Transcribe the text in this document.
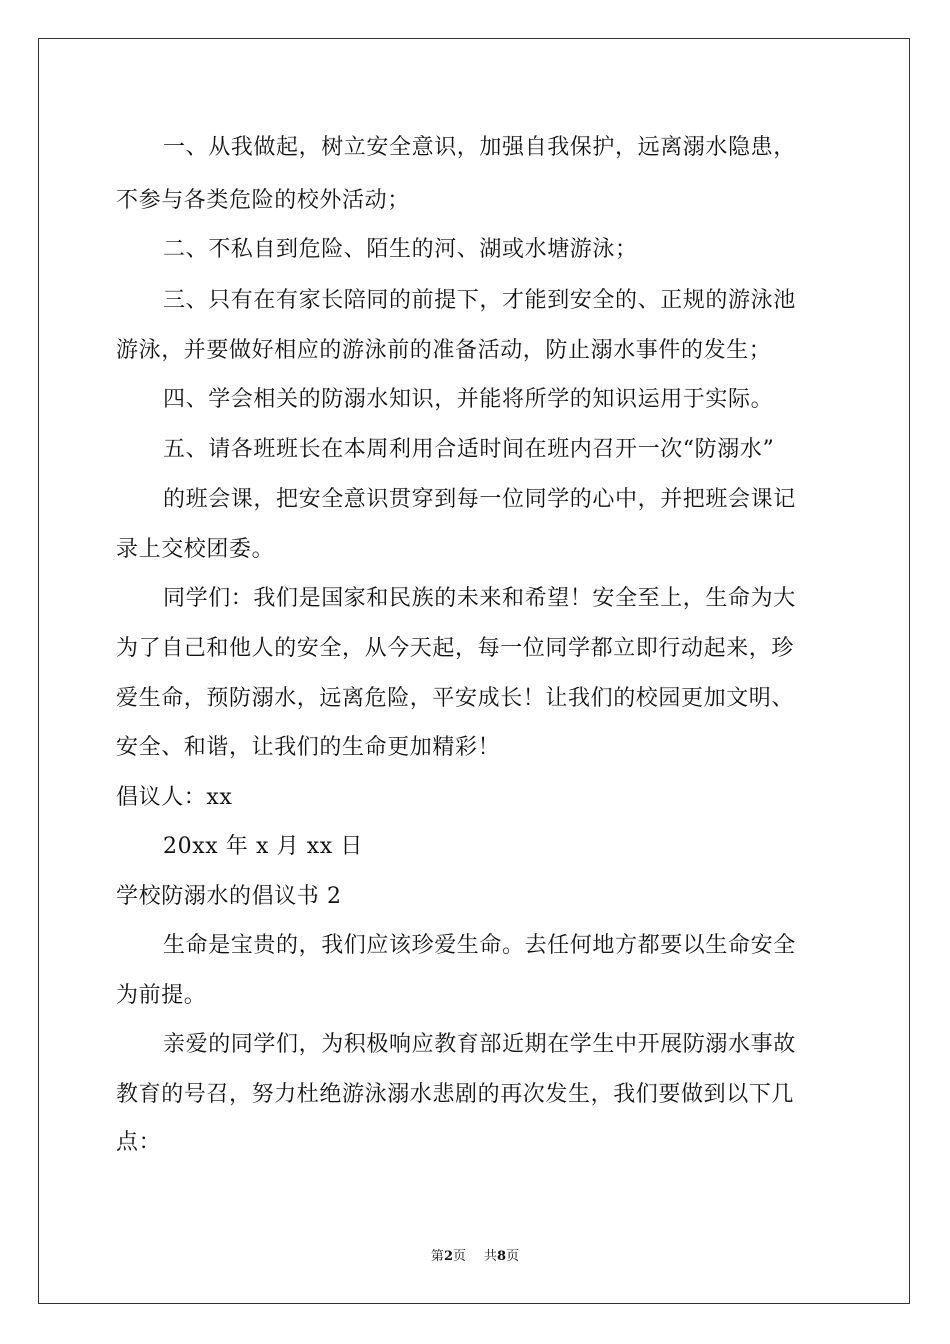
一、从我做起，树立安全意识，加强自我保护，远离溺水隐患，
不参与各类危险的校外活动；
二、不私自到危险、陌生的河、湖或水塘游泳；
三、只有在有家长陪同的前提下，才能到安全的、正规的游泳池
游泳，并要做好相应的游泳前的准备活动，防止溺水事件的发生；
四、学会相关的防溺水知识，并能将所学的知识运用于实际。
五、请各班班长在本周利用合适时间在班内召开一次“防溺水”
的班会课，把安全意识贯穿到每一位同学的心中，并把班会课记
录上交校团委。
同学们：我们是国家和民族的未来和希望！安全至上，生命为大
为了自己和他人的安全，从今天起，每一位同学都立即行动起来，珍
爱生命，预防溺水，远离危险，平安成长！让我们的校园更加文明、
安全、和谐，让我们的生命更加精彩！
倡议人：xx
20xx 年 x 月 xx 日
学校防溺水的倡议书 2
生命是宝贵的，我们应该珍爱生命。去任何地方都要以生命安全
为前提。
亲爱的同学们，为积极响应教育部近期在学生中开展防溺水事故
教育的号召，努力杜绝游泳溺水悲剧的再次发生，我们要做到以下几
点：
第2页 共8页
